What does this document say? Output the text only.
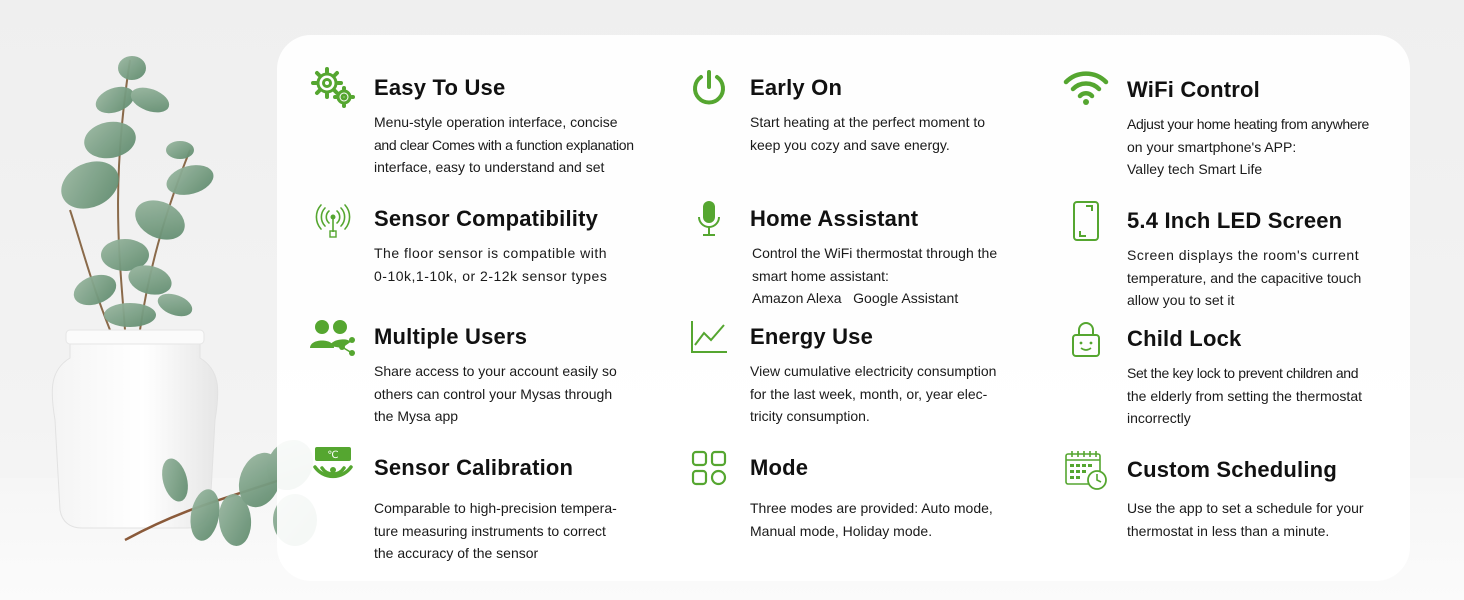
Easy To Use
Menu-style operation interface, concise
and clear Comes with a function explanation
interface, easy to understand and set
Early On
Start heating at the perfect moment to
keep you cozy and save energy.
WiFi Control
Adjust your home heating from anywhere
on your smartphone's APP:
Valley tech Smart Life
Sensor Compatibility
The floor sensor is compatible with
0-10k,1-10k, or 2-12k sensor types
Home Assistant
Control the WiFi thermostat through the
smart home assistant:
Amazon Alexa   Google Assistant
5.4 Inch LED Screen
Screen displays the room's current
temperature, and the capacitive touch
allow you to set it
Multiple Users
Share access to your account easily so
others can control your Mysas through
the Mysa app
Energy Use
View cumulative electricity consumption
for the last week, month, or, year elec-
tricity consumption.
Child Lock
Set the key lock to prevent children and
the elderly from setting the thermostat
incorrectly
℃ Sensor Calibration
Comparable to high-precision tempera-
ture measuring instruments to correct
the accuracy of the sensor
Mode
Three modes are provided: Auto mode,
Manual mode, Holiday mode.
Custom Scheduling
Use the app to set a schedule for your
thermostat in less than a minute.
